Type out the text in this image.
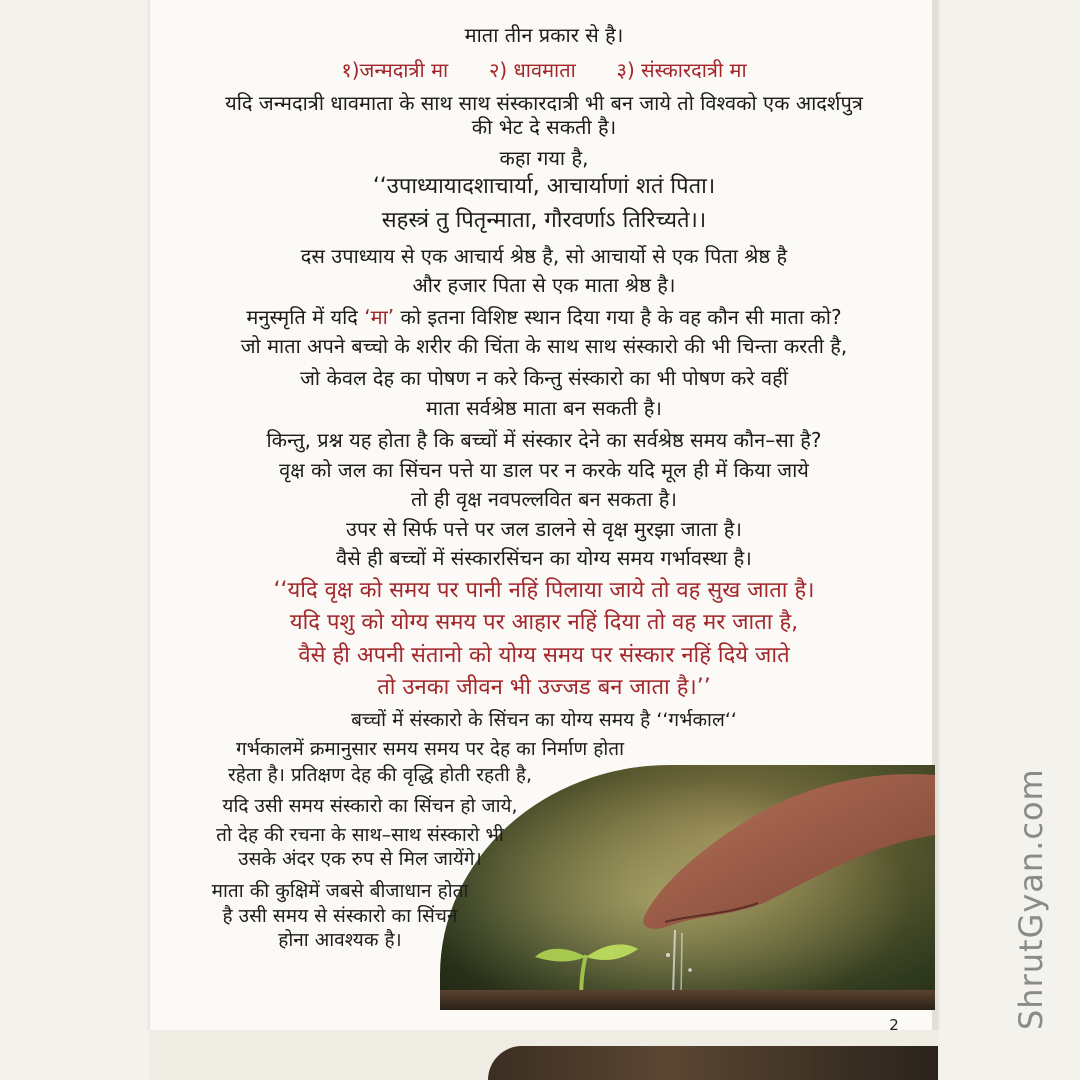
माता तीन प्रकार से है।
१)जन्मदात्री मा २) धावमाता ३) संस्कारदात्री मा
यदि जन्मदात्री धावमाता के साथ साथ संस्कारदात्री भी बन जाये तो विश्वको एक आदर्शपुत्र
की भेट दे सकती है।
कहा गया है,
‘‘उपाध्यायादशाचार्या, आचार्याणां शतं पिता।
सहस्त्रं तु पितृन्माता, गौरवर्णाऽ तिरिच्यते।।
दस उपाध्याय से एक आचार्य श्रेष्ठ है, सो आचार्यो से एक पिता श्रेष्ठ है
और हजार पिता से एक माता श्रेष्ठ है।
मनुस्मृति में यदि ‘मा’ को इतना विशिष्ट स्थान दिया गया है के वह कौन सी माता को?
जो माता अपने बच्चो के शरीर की चिंता के साथ साथ संस्कारो की भी चिन्ता करती है,
जो केवल देह का पोषण न करे किन्तु संस्कारो का भी पोषण करे वहीं
माता सर्वश्रेष्ठ माता बन सकती है।
किन्तु, प्रश्न यह होता है कि बच्चों में संस्कार देने का सर्वश्रेष्ठ समय कौन–सा है?
वृक्ष को जल का सिंचन पत्ते या डाल पर न करके यदि मूल ही में किया जाये
तो ही वृक्ष नवपल्लवित बन सकता है।
उपर से सिर्फ पत्ते पर जल डालने से वृक्ष मुरझा जाता है।
वैसे ही बच्चों में संस्कारसिंचन का योग्य समय गर्भावस्था है।
‘‘यदि वृक्ष को समय पर पानी नहिं पिलाया जाये तो वह सुख जाता है।
यदि पशु को योग्य समय पर आहार नहिं दिया तो वह मर जाता है,
वैसे ही अपनी संतानो को योग्य समय पर संस्कार नहिं दिये जाते
तो उनका जीवन भी उज्जड बन जाता है।’’
बच्चों में संस्कारो के सिंचन का योग्य समय है ‘‘गर्भकाल‘‘
गर्भकालमें क्रमानुसार समय समय पर देह का निर्माण होता
रहेता है। प्रतिक्षण देह की वृद्धि होती रहती है,
यदि उसी समय संस्कारो का सिंचन हो जाये,
तो देह की रचना के साथ–साथ संस्कारो भी
उसके अंदर एक रुप से मिल जायेंगे।
माता की कुक्षिमें जबसे बीजाधान होता
है उसी समय से संस्कारो का सिंचन
होना आवश्यक है।
2	ShrutGyan.com
